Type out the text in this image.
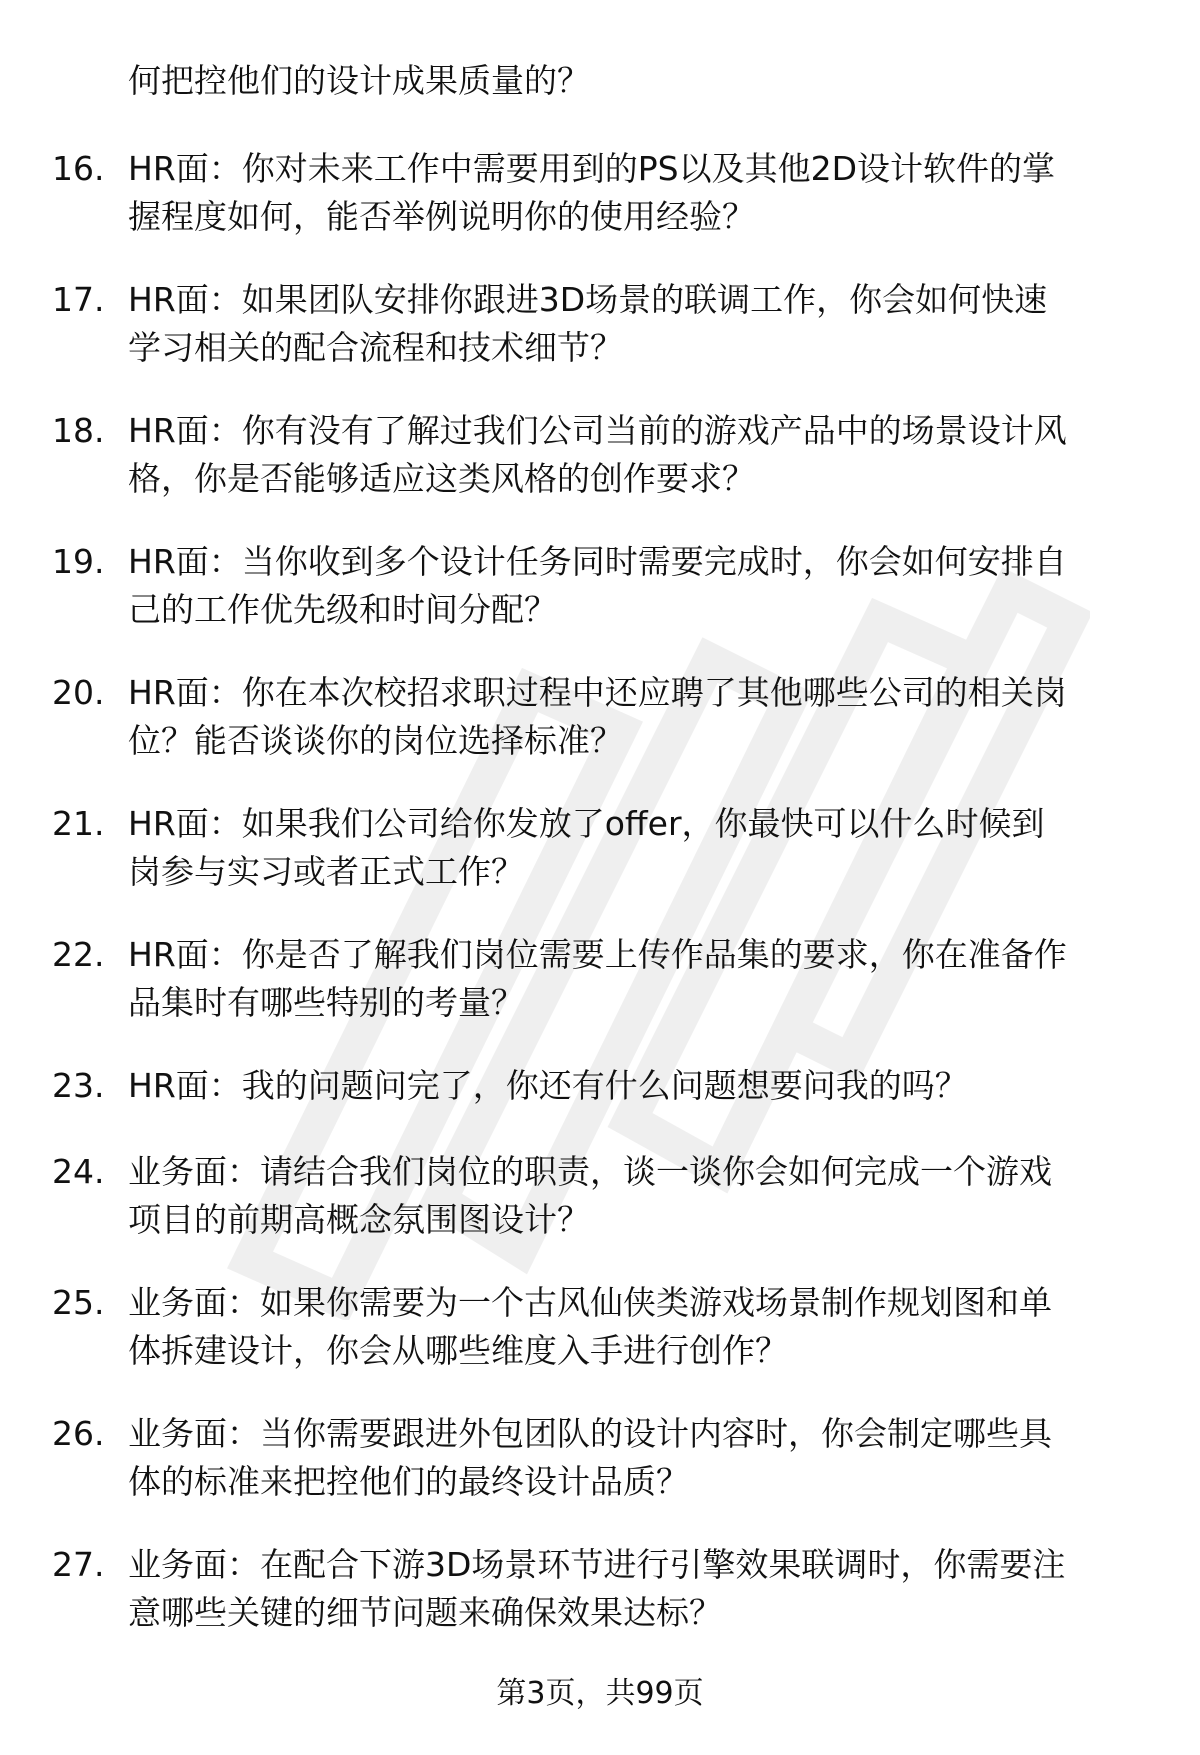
何把控他们的设计成果质量的？

16. HR面：你对未来工作中需要用到的PS以及其他2D设计软件的掌
握程度如何，能否举例说明你的使用经验？
17. HR面：如果团队安排你跟进3D场景的联调工作，你会如何快速
学习相关的配合流程和技术细节？
18. HR面：你有没有了解过我们公司当前的游戏产品中的场景设计风
格，你是否能够适应这类风格的创作要求？
19. HR面：当你收到多个设计任务同时需要完成时，你会如何安排自
己的工作优先级和时间分配？
20. HR面：你在本次校招求职过程中还应聘了其他哪些公司的相关岗
位？能否谈谈你的岗位选择标准？
21. HR面：如果我们公司给你发放了offer，你最快可以什么时候到
岗参与实习或者正式工作？
22. HR面：你是否了解我们岗位需要上传作品集的要求，你在准备作
品集时有哪些特别的考量？
23. HR面：我的问题问完了，你还有什么问题想要问我的吗？
24. 业务面：请结合我们岗位的职责，谈一谈你会如何完成一个游戏
项目的前期高概念氛围图设计？
25. 业务面：如果你需要为一个古风仙侠类游戏场景制作规划图和单
体拆建设计，你会从哪些维度入手进行创作？
26. 业务面：当你需要跟进外包团队的设计内容时，你会制定哪些具
体的标准来把控他们的最终设计品质？
27. 业务面：在配合下游3D场景环节进行引擎效果联调时，你需要注
意哪些关键的细节问题来确保效果达标？
第3页，共99页
